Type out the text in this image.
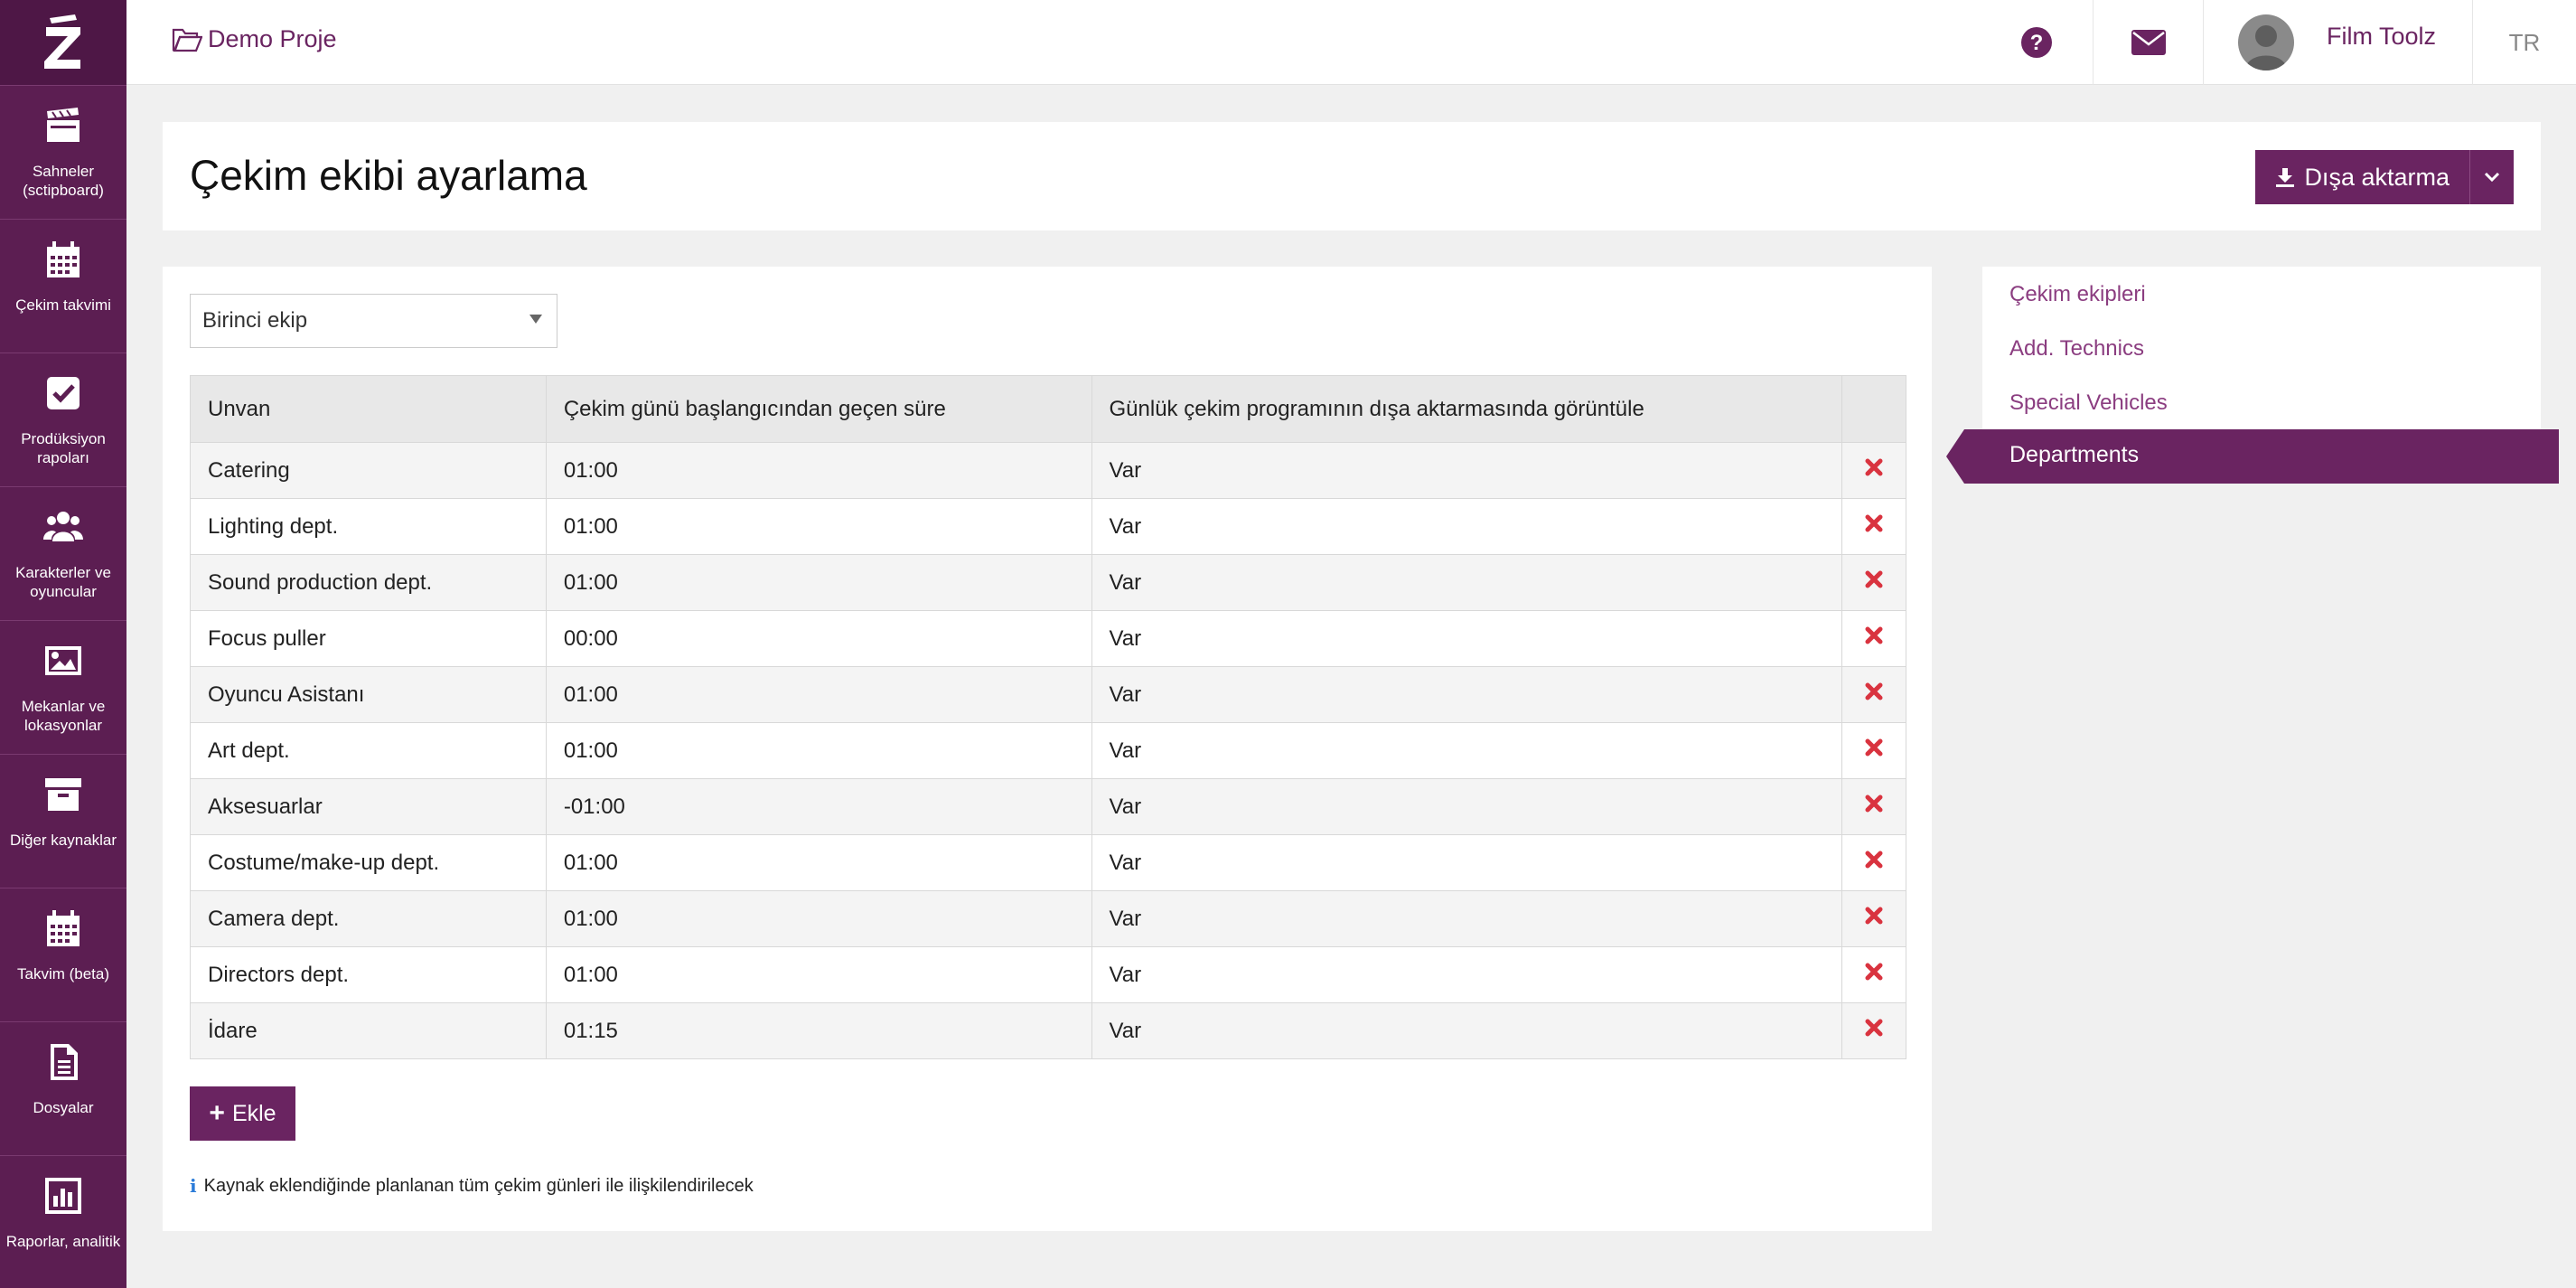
Sahneler (sctipboard)
Çekim takvimi
Prodüksiyon rapoları
Karakterler ve oyuncular
Mekanlar ve lokasyonlar
Diğer kaynaklar
Takvim (beta)
Dosyalar
Raporlar, analitik
Demo Proje	?	Film Toolz	TR
Çekim ekibi ayarlama	Dışa aktarma
Birinci ekip
Unvan	Çekim günü başlangıcından geçen süre	Günlük çekim programının dışa aktarmasında görüntüle	
Catering	01:00	Var	
Lighting dept.	01:00	Var	
Sound production dept.	01:00	Var	
Focus puller	00:00	Var	
Oyuncu Asistanı	01:00	Var	
Art dept.	01:00	Var	
Aksesuarlar	-01:00	Var	
Costume/make-up dept.	01:00	Var	
Camera dept.	01:00	Var	
Directors dept.	01:00	Var	
İdare	01:15	Var	
+ Ekle
i Kaynak eklendiğinde planlanan tüm çekim günleri ile ilişkilendirilecek
Çekim ekipleri
Add. Technics
Special Vehicles
Departments
